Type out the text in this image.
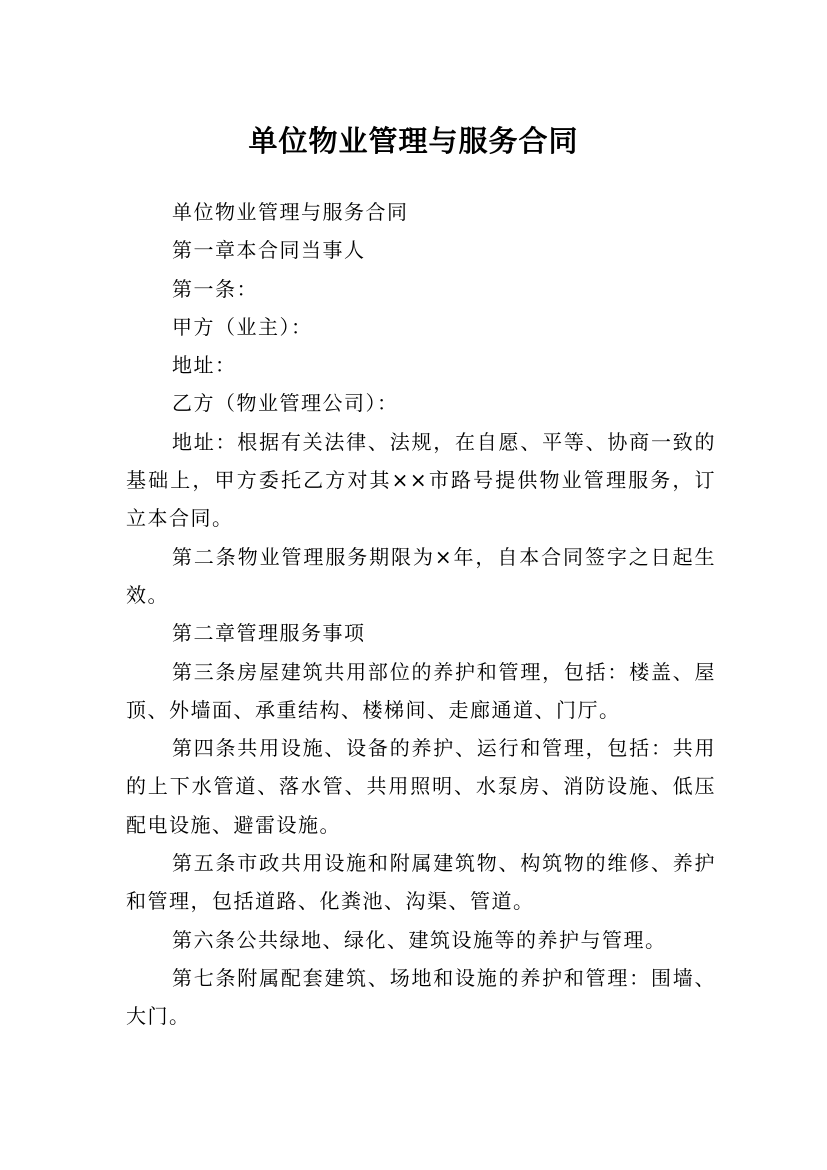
单位物业管理与服务合同

单位物业管理与服务合同

第一章本合同当事人

第一条：

甲方（业主）：

地址：

乙方（物业管理公司）：

地址：根据有关法律、法规，在自愿、平等、协商一致的基础上，甲方委托乙方对其××市路号提供物业管理服务，订立本合同。

第二条物业管理服务期限为×年，自本合同签字之日起生效。

第二章管理服务事项

第三条房屋建筑共用部位的养护和管理，包括：楼盖、屋顶、外墙面、承重结构、楼梯间、走廊通道、门厅。

第四条共用设施、设备的养护、运行和管理，包括：共用的上下水管道、落水管、共用照明、水泵房、消防设施、低压配电设施、避雷设施。

第五条市政共用设施和附属建筑物、构筑物的维修、养护和管理，包括道路、化粪池、沟渠、管道。

第六条公共绿地、绿化、建筑设施等的养护与管理。

第七条附属配套建筑、场地和设施的养护和管理：围墙、大门。
